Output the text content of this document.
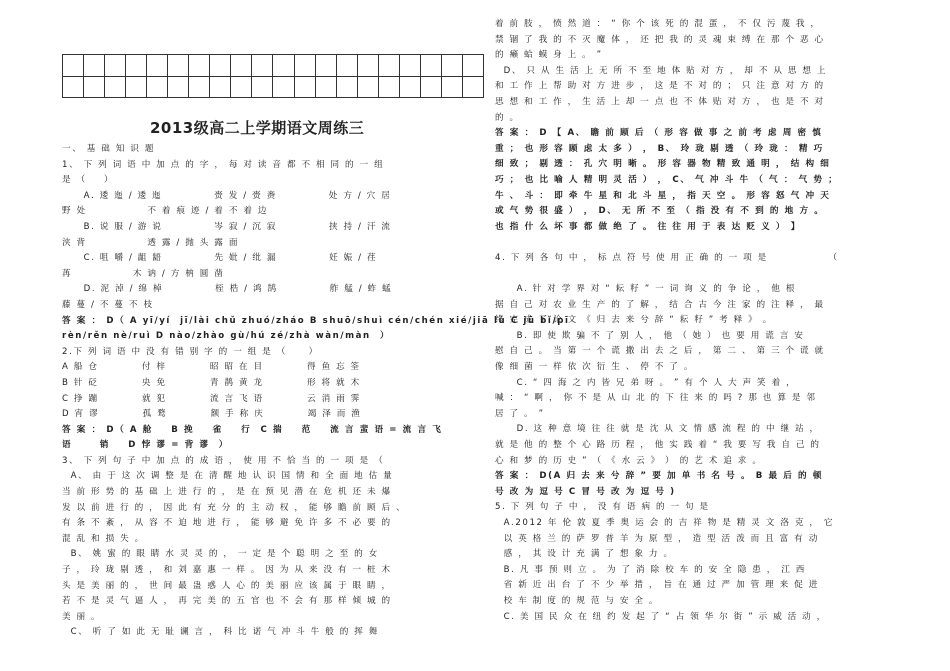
2013级高二上学期语文周练三

一、 基 础 知 识 题

1、 下 列 词 语 中 加 点 的 字 ， 每 对 读 音 都 不 相 同 的 一 组

是 （    ）

A. 逶 迤 / 逶 迤            赍 发 / 赍 赉            处 方 / 穴 居

野 处              不 着 痕 迹 / 着 不 着 边

B. 说 服 / 游 说            岑 寂 / 沉 寂            挟 持 / 汗 流

浃 背              透 露 / 抛 头 露 面

C. 咀 嚼 / 龃 龉            先 妣 / 纰 漏            妊 娠 / 荏

苒              木 讷 / 方 枘 圆 凿

D. 泥 淖 / 绵 棹            桎 梏 / 鸿 鹄            舴 艋 / 蚱 蜢

藤 蔓 / 不 蔓 不 枝

答 案 ： D（ A yī/yí  jī/lài chǔ zhuó/zháo B shuō/shuì cén/chén xié/jiā lù C jū bǐ/pī

rèn/rěn nè/ruì D nào/zhào gù/hú zé/zhà wàn/màn  ）

2.下 列 词 语 中 没 有 错 别 字 的 一 组 是 （     ）

A 船 仓          付 梓          昭 昭 在 目          得 鱼 忘 筌

B 针 砭          央 免          青 鹊 黄 龙          形 将 就 木

C 挣 蹦          就 犯          流 言 飞 语          云 消 雨 霁

D 宵 谬          孤 鹜          额 手 称 庆          竭 泽 而 渔

答 案 ： D（ A 舱    B 挽    雀    行  C 揣    范    流 言 蜚 语 = 流 言 飞

语      销    D 悖 谬 = 背 谬  ）

3、 下 列 句 子 中 加 点 的 成 语 ， 使 用 不 恰 当 的 一 项 是 （

A、 由 于 这 次 调 整 是 在 清 醒 地 认 识 国 情 和 全 面 地 估 量

当 前 形 势 的 基 础 上 进 行 的 ， 是 在 预 见 潜 在 危 机 还 未 爆

发 以 前 进 行 的 ， 因 此 有 充 分 的 主 动 权 ， 能 够 瞻 前 顾 后 、

有 条 不 紊 ， 从 容 不 迫 地 进 行 ， 能 够 避 免 许 多 不 必 要 的

混 乱 和 损 失 。

B、 姚 蜜 的 眼 睛 水 灵 灵 的 ， 一 定 是 个 聪 明 之 至 的 女

子 ， 玲 珑 剔 透 ， 和 刘 嘉 惠 一 样 。 因 为 从 来 没 有 一 桩 木

头 是 美 丽 的 ， 世 间 最 蛊 惑 人 心 的 美 丽 应 该 属 于 眼 睛 ，

若 不 是 灵 气 逼 人 ， 再 完 美 的 五 官 也 不 会 有 那 样 倾 城 的

美 丽 。

C、 听 了 如 此 无 耻 谰 言 ， 科 比 诺 气 冲 斗 牛 般 的 挥 舞

着 前 肢 ， 愤 然 道 ： “ 你 个 该 死 的 混 蛋 ， 不 仅 污 蔑 我 ，

禁 锢 了 我 的 不 灭 魔 体 ， 还 把 我 的 灵 魂 束 缚 在 那 个 恶 心

的 癞 蛤 蟆 身 上 。 ”

D、 只 从 生 活 上 无 所 不 至 地 体 贴 对 方 ， 却 不 从 思 想 上

和 工 作 上 帮 助 对 方 进 步 ， 这 是 不 对 的 ； 只 注 意 对 方 的

思 想 和 工 作 ， 生 活 上 却 一 点 也 不 体 贴 对 方 ， 也 是 不 对

的 。

答 案 ： D 【 A、 瞻 前 顾 后 （ 形 容 做 事 之 前 考 虑 周 密 慎

重 ； 也 形 容 顾 虑 太 多 ） ， B、 玲 珑 剔 透 （ 玲 珑 ： 精 巧

细 致 ； 剔 透 ： 孔 穴 明 晰 。 形 容 器 物 精 致 通 明 ， 结 构 细

巧 ； 也 比 喻 人 精 明 灵 活 ） ， C、 气 冲 斗 牛 （ 气 ： 气 势 ；

牛 、 斗 ： 即 牵 牛 星 和 北 斗 星 ， 指 天 空 。 形 容 怒 气 冲 天

或 气 势 很 盛 ） ， D、 无 所 不 至 （ 指 没 有 不 到 的 地 方 。

也 指 什 么 坏 事 都 做 绝 了 。 往 往 用 于 表 达 贬 义 ） 】

4. 下 列 各 句 中 ， 标 点 符 号 使 用 正 确 的 一 项 是              （

A. 针 对 学 界 对 “ 耘 籽 ” 一 词 询 义 的 争 论 ， 他 根

据 自 己 对 农 业 生 产 的 了 解 ， 结 合 古 今 注 家 的 注 释 ， 最

终 完 成 了 论 文 《 归 去 来 兮 辞 “ 耘 籽 ” 考 释 》 。

B. 即 使 欺 骗 不 了 别 人 ， 他 （ 她 ） 也 要 用 谎 言 安

慰 自 己 。 当 第 一 个 谎 撒 出 去 之 后 ， 第 二 、 第 三 个 谎 就

像 细 菌 一 样 依 次 衍 生 、 停 不 了 。

C. “ 四 海 之 内 皆 兄 弟 呀 。 ” 有 个 人 大 声 笑 着 ，

喊 ： “ 啊 ， 你 不 是 从 山 北 的 下 往 来 的 吗 ? 那 也 算 是 邻

居 了 。 ”

D. 这 种 意 境 往 往 就 是 沈 从 文 情 感 流 程 的 中 继 站 ，

就 是 他 的 整 个 心 路 历 程 ， 他 实 践 着 “ 我 要 写 我 自 己 的

心 和 梦 的 历 史 ” （ 《 水 云 》 ） 的 艺 术 追 求 。

答 案 ： D(A 归 去 来 兮 辞 ” 要 加 单 书 名 号 。 B 最 后 的 顿

号 改 为 逗 号 C 冒 号 改 为 逗 号 )

5. 下 列 句 子 中 ， 没 有 语 病 的 一 句 是

A.2012 年 伦 敦 夏 季 奥 运 会 的 吉 祥 物 是 精 灵 文 洛 克 ， 它

以 英 格 兰 的 萨 罗 普 羊 为 原 型 ， 造 型 活 泼 而 且 富 有 动

感 ， 其 设 计 充 满 了 想 象 力 。

B. 凡 事 预 则 立 。 为 了 消 除 校 车 的 安 全 隐 患 ， 江 西

省 新 近 出 台 了 不 少 举 措 ， 旨 在 通 过 严 加 管 理 来 促 进

校 车 制 度 的 规 范 与 安 全 。

C. 美 国 民 众 在 纽 约 发 起 了 “ 占 领 华 尔 街 ” 示 威 活 动 ，
